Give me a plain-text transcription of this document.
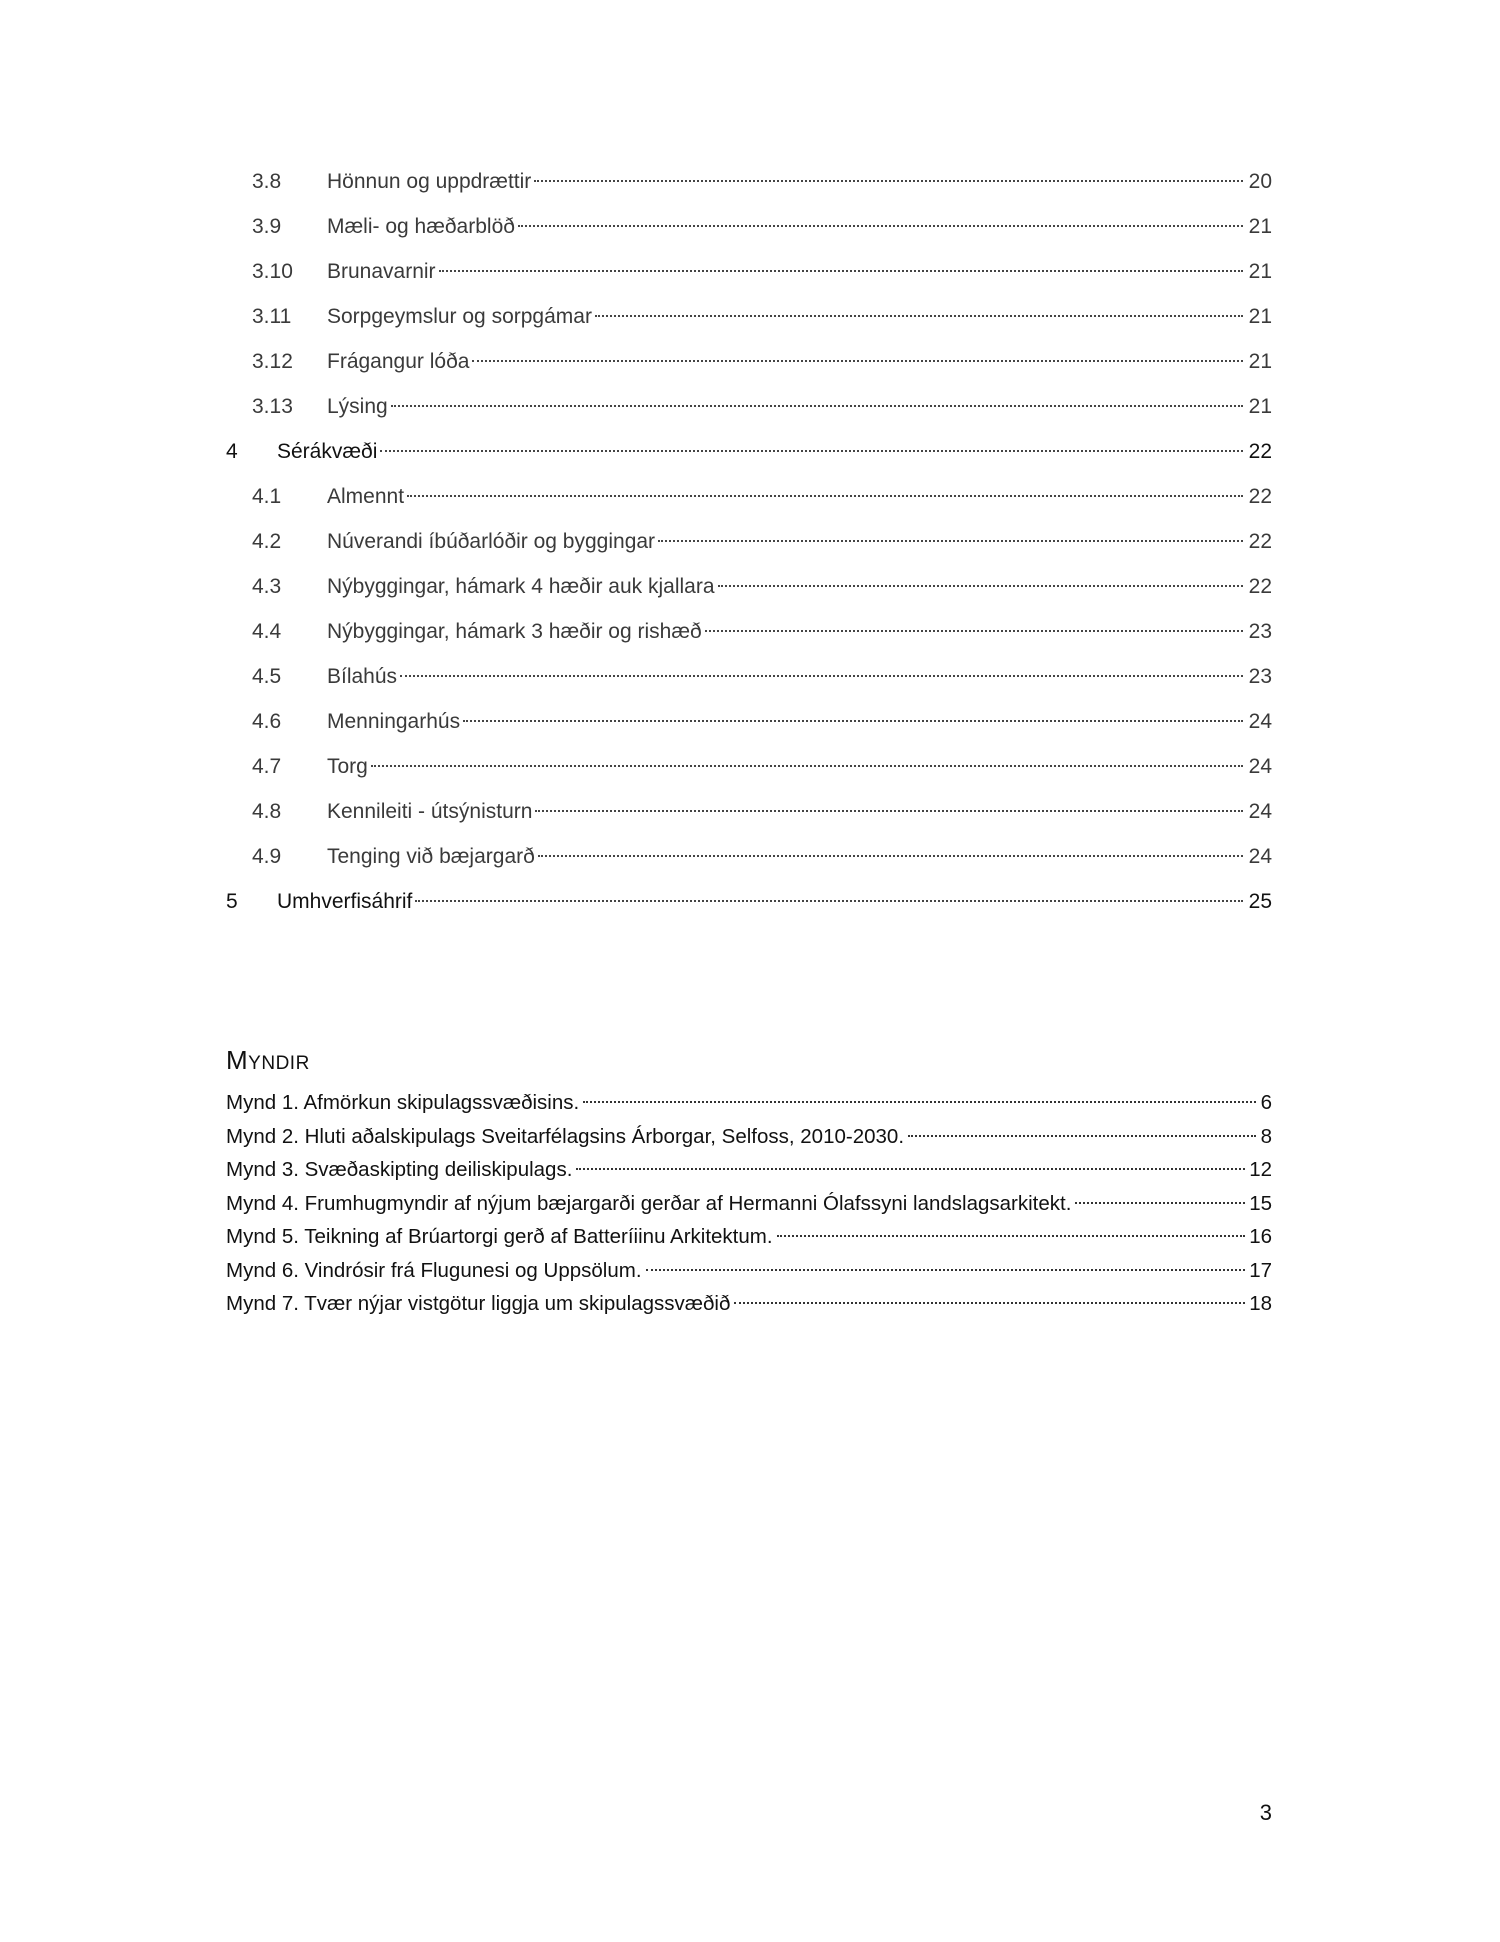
3.8	Hönnun og uppdrættir	20
3.9	Mæli- og hæðarblöð	21
3.10	Brunavarnir	21
3.11	Sorpgeymslur og sorpgámar	21
3.12	Frágangur lóða	21
3.13	Lýsing	21
4	Sérákvæði	22
4.1	Almennt	22
4.2	Núverandi íbúðarlóðir og byggingar	22
4.3	Nýbyggingar, hámark 4 hæðir auk kjallara	22
4.4	Nýbyggingar, hámark 3 hæðir og rishæð	23
4.5	Bílahús	23
4.6	Menningarhús	24
4.7	Torg	24
4.8	Kennileiti - útsýnisturn	24
4.9	Tenging við bæjargarð	24
5	Umhverfisáhrif	25
MYNDIR
Mynd 1. Afmörkun skipulagssvæðisins.	6
Mynd 2. Hluti aðalskipulags Sveitarfélagsins Árborgar, Selfoss, 2010-2030.	8
Mynd 3. Svæðaskipting deiliskipulags.	12
Mynd 4. Frumhugmyndir af nýjum bæjargarði gerðar af Hermanni Ólafssyni landslagsarkitekt.	15
Mynd 5. Teikning af Brúartorgi gerð af Batteríiinu Arkitektum.	16
Mynd 6. Vindrósir frá Flugunesi og Uppsölum.	17
Mynd 7. Tvær nýjar vistgötur liggja um skipulagssvæðið	18
3
